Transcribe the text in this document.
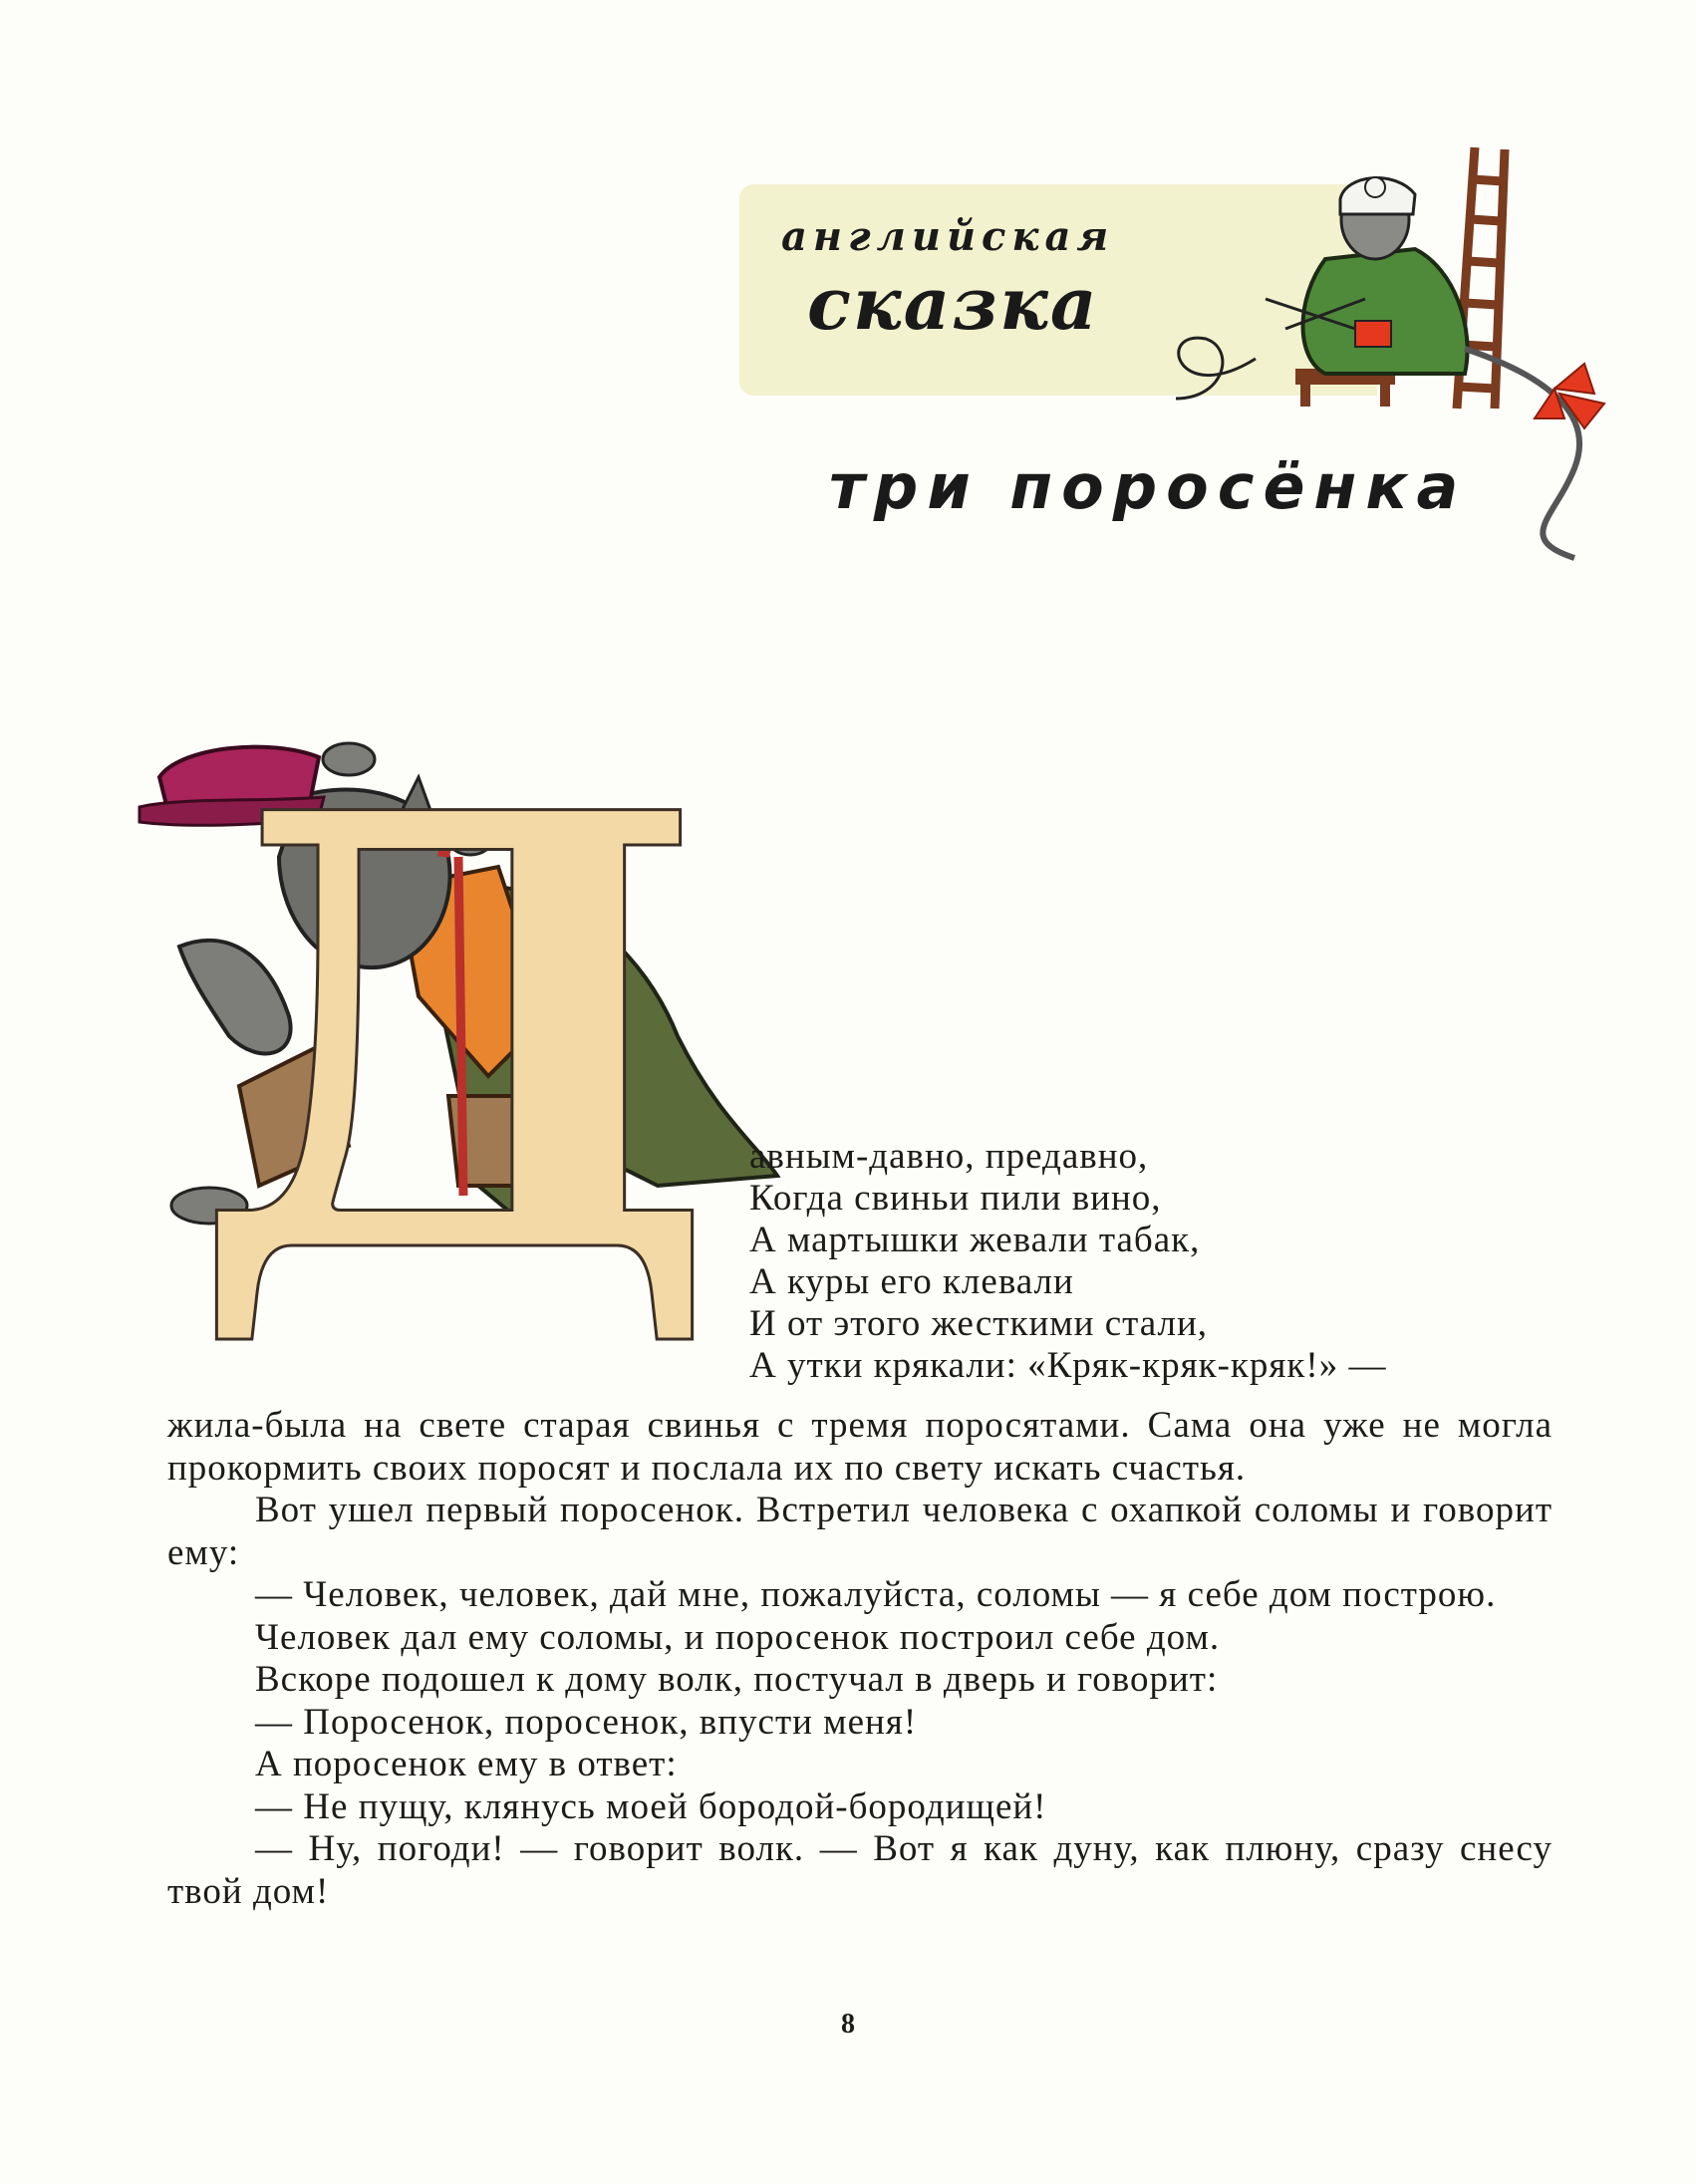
английская
сказка
три поросёнка
Д авным-давно, предавно,
Когда свиньи пили вино,
А мартышки жевали табак,
А куры его клевали
И от этого жесткими стали,
А утки крякали: «Кряк-кряк-кряк!» —

жила-была на свете старая свинья с тремя поросятами. Сама она уже не могла прокормить своих поросят и послала их по свету искать счастья.

Вот ушел первый поросенок. Встретил человека с охапкой соломы и говорит ему:

— Человек, человек, дай мне, пожалуйста, соломы — я себе дом построю.

Человек дал ему соломы, и поросенок построил себе дом.

Вскоре подошел к дому волк, постучал в дверь и говорит:

— Поросенок, поросенок, впусти меня!

А поросенок ему в ответ:

— Не пущу, клянусь моей бородой-бородищей!

— Ну, погоди! — говорит волк. — Вот я как дуну, как плюну, сразу снесу твой дом!

8
